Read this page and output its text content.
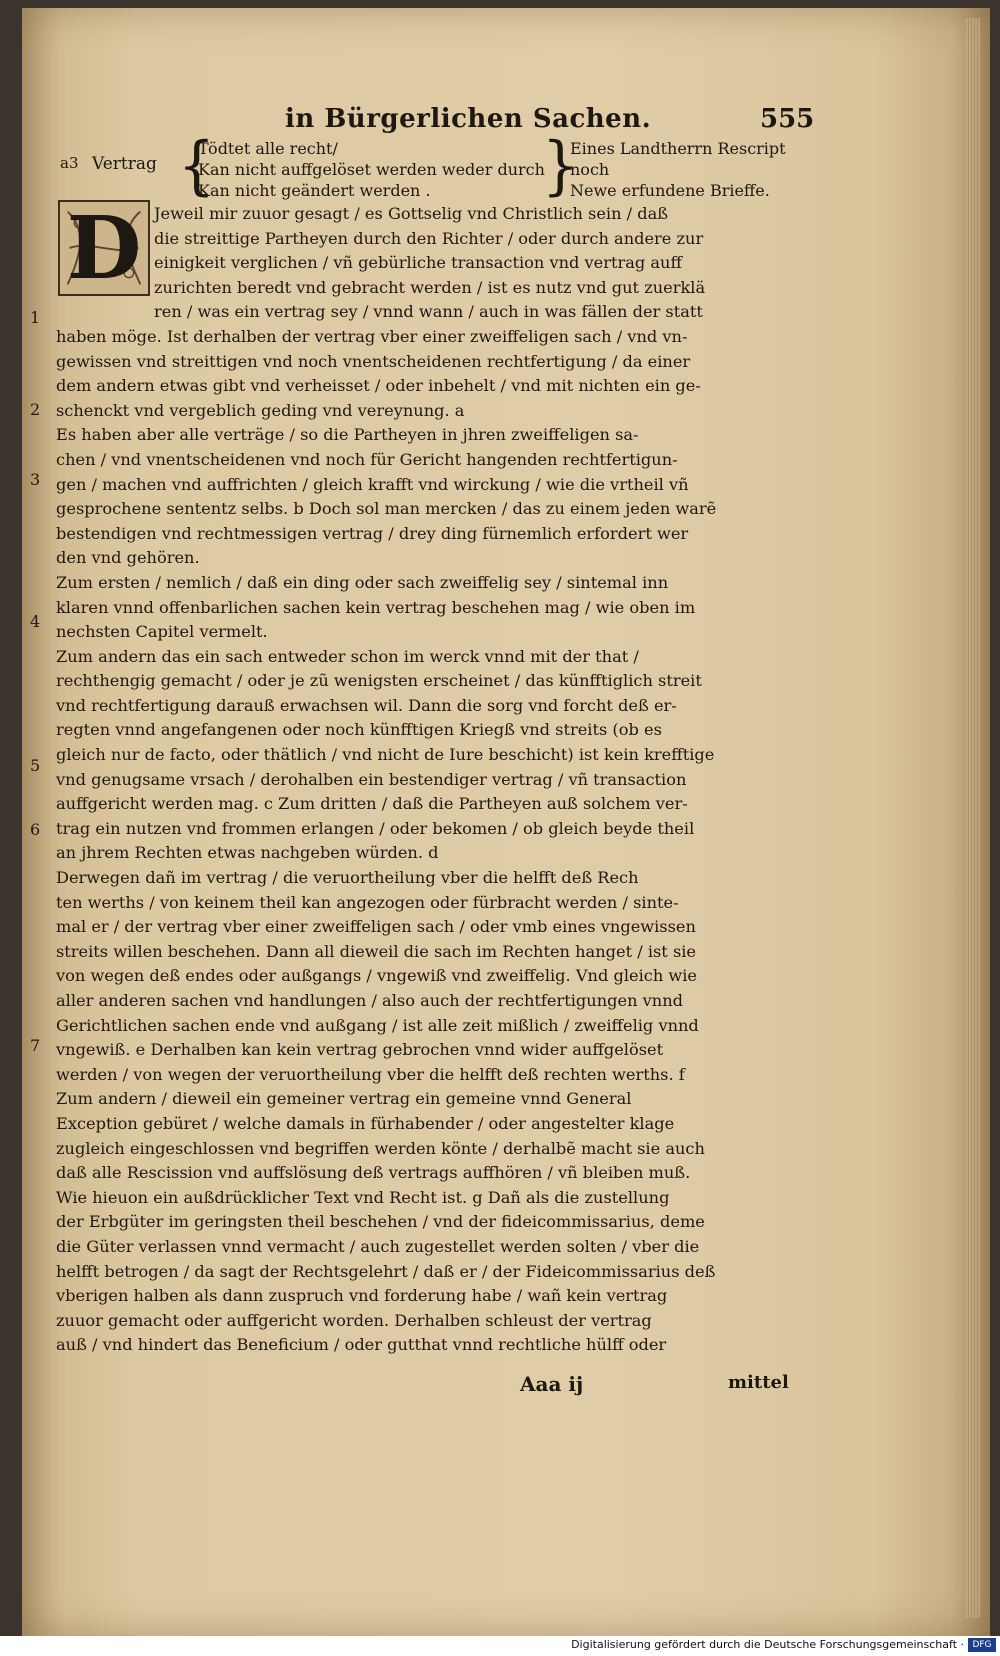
in Bürgerlichen Sachen.	555
a3 Vertrag {
Tödtet alle recht/
Kan nicht auffgelöset werden weder durch
Kan nicht geändert werden .	}
Eines Landtherrn Rescript
noch
Newe erfundene Brieffe.
D Jeweil mir zuuor gesagt / es Gottselig vnd Christlich sein / daß
die streittige Partheyen durch den Richter / oder durch andere zur
einigkeit verglichen / vñ gebürliche transaction vnd vertrag auff
zurichten beredt vnd gebracht werden / ist es nutz vnd gut zuerklä
ren / was ein vertrag sey / vnnd wann / auch in was fällen der statt
haben möge. Ist derhalben der vertrag vber einer zweiffeligen sach / vnd vn-
gewissen vnd streittigen vnd noch vnentscheidenen rechtfertigung / da einer
dem andern etwas gibt vnd verheisset / oder inbehelt / vnd mit nichten ein ge-
schenckt vnd vergeblich geding vnd vereynung. a
Es haben aber alle verträge / so die Partheyen in jhren zweiffeligen sa-
chen / vnd vnentscheidenen vnd noch für Gericht hangenden rechtfertigun-
gen / machen vnd auffrichten / gleich krafft vnd wirckung / wie die vrtheil vñ
gesprochene sententz selbs. b Doch sol man mercken / das zu einem jeden warẽ
bestendigen vnd rechtmessigen vertrag / drey ding fürnemlich erfordert wer
den vnd gehören.
Zum ersten / nemlich / daß ein ding oder sach zweiffelig sey / sintemal inn
klaren vnnd offenbarlichen sachen kein vertrag beschehen mag / wie oben im
nechsten Capitel vermelt.
Zum andern das ein sach entweder schon im werck vnnd mit der that /
rechthengig gemacht / oder je zũ wenigsten erscheinet / das künfftiglich streit
vnd rechtfertigung darauß erwachsen wil. Dann die sorg vnd forcht deß er-
regten vnnd angefangenen oder noch künfftigen Kriegß vnd streits (ob es
gleich nur de facto, oder thätlich / vnd nicht de Iure beschicht) ist kein krefftige
vnd genugsame vrsach / derohalben ein bestendiger vertrag / vñ transaction
auffgericht werden mag. c Zum dritten / daß die Partheyen auß solchem ver-
trag ein nutzen vnd frommen erlangen / oder bekomen / ob gleich beyde theil
an jhrem Rechten etwas nachgeben würden. d
Derwegen dañ im vertrag / die veruortheilung vber die helfft deß Rech
ten werths / von keinem theil kan angezogen oder fürbracht werden / sinte-
mal er / der vertrag vber einer zweiffeligen sach / oder vmb eines vngewissen
streits willen beschehen. Dann all dieweil die sach im Rechten hanget / ist sie
von wegen deß endes oder außgangs / vngewiß vnd zweiffelig. Vnd gleich wie
aller anderen sachen vnd handlungen / also auch der rechtfertigungen vnnd
Gerichtlichen sachen ende vnd außgang / ist alle zeit mißlich / zweiffelig vnnd
vngewiß. e Derhalben kan kein vertrag gebrochen vnnd wider auffgelöset
werden / von wegen der veruortheilung vber die helfft deß rechten werths. f
Zum andern / dieweil ein gemeiner vertrag ein gemeine vnnd General
Exception gebüret / welche damals in fürhabender / oder angestelter klage
zugleich eingeschlossen vnd begriffen werden könte / derhalbẽ macht sie auch
daß alle Rescission vnd auffslösung deß vertrags auffhören / vñ bleiben muß.
Wie hieuon ein außdrücklicher Text vnd Recht ist. g Dañ als die zustellung
der Erbgüter im geringsten theil beschehen / vnd der fideicommissarius, deme
die Güter verlassen vnnd vermacht / auch zugestellet werden solten / vber die
helfft betrogen / da sagt der Rechtsgelehrt / daß er / der Fideicommissarius deß
vberigen halben als dann zuspruch vnd forderung habe / wañ kein vertrag
zuuor gemacht oder auffgericht worden. Derhalben schleust der vertrag
auß / vnd hindert das Beneficium / oder gutthat vnnd rechtliche hülff oder
1
2
3
4
5
6
7
Aaa ij	mittel
Digitalisierung gefördert durch die Deutsche Forschungsgemeinschaft · DFG
